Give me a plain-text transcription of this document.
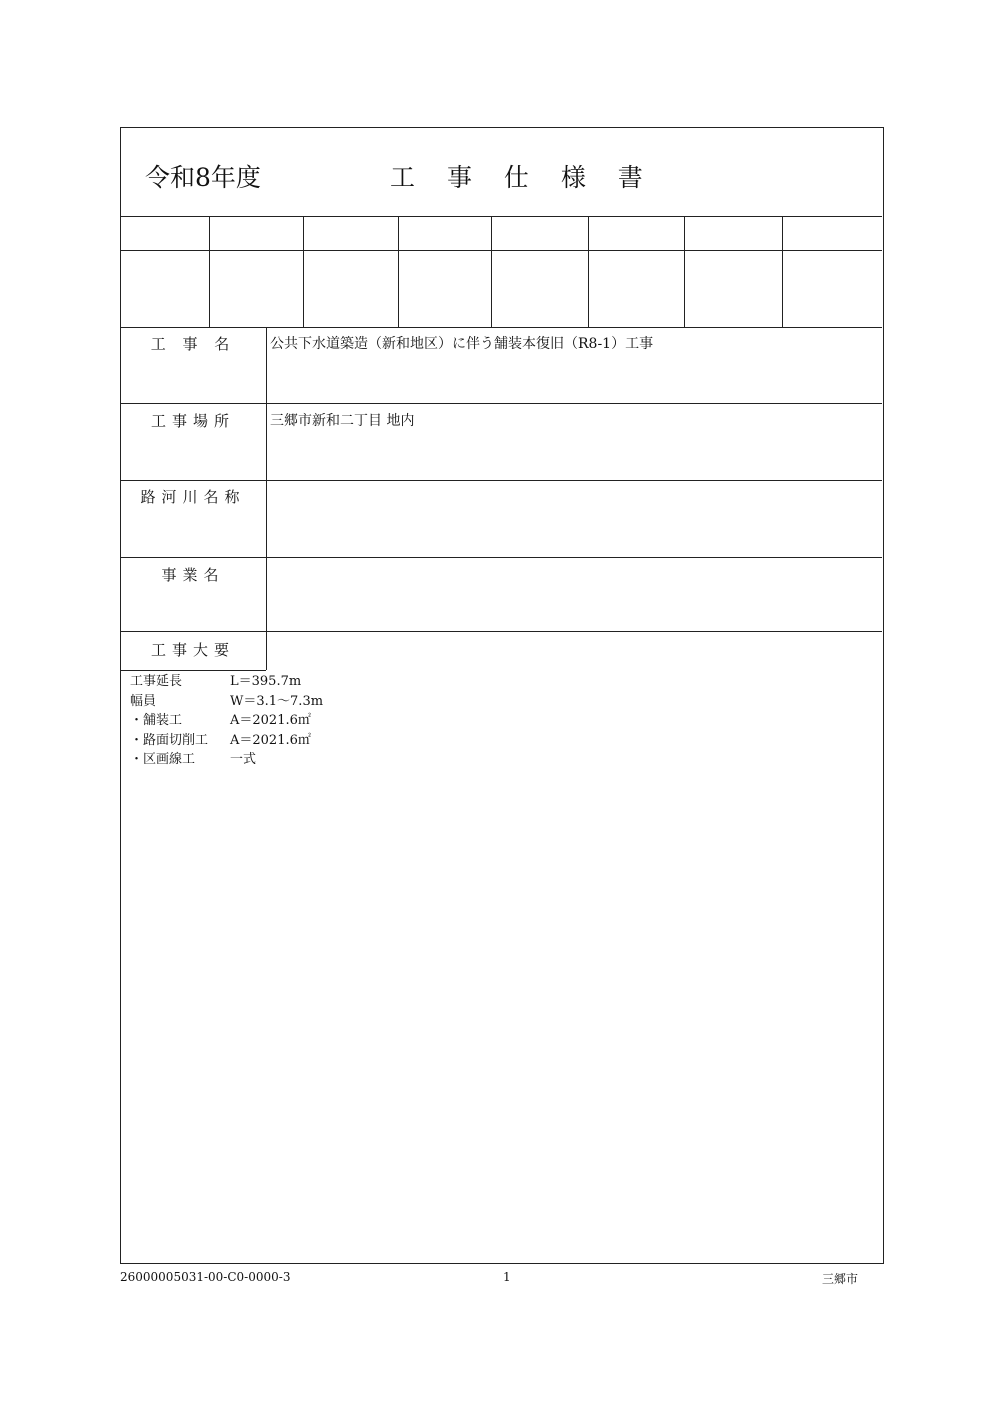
令和8年度	工 事 仕 様 書
工 事 名	公共下水道築造（新和地区）に伴う舗装本復旧（R8-1）工事
工事場所	三郷市新和二丁目 地内
路河川名称
事業名
工事大要
工事延長	L＝395.7m
幅員	W＝3.1～7.3m
・舗装工	A＝2021.6㎡
・路面切削工	A＝2021.6㎡
・区画線工	一式
26000005031-00-C0-0000-3	1	三郷市
